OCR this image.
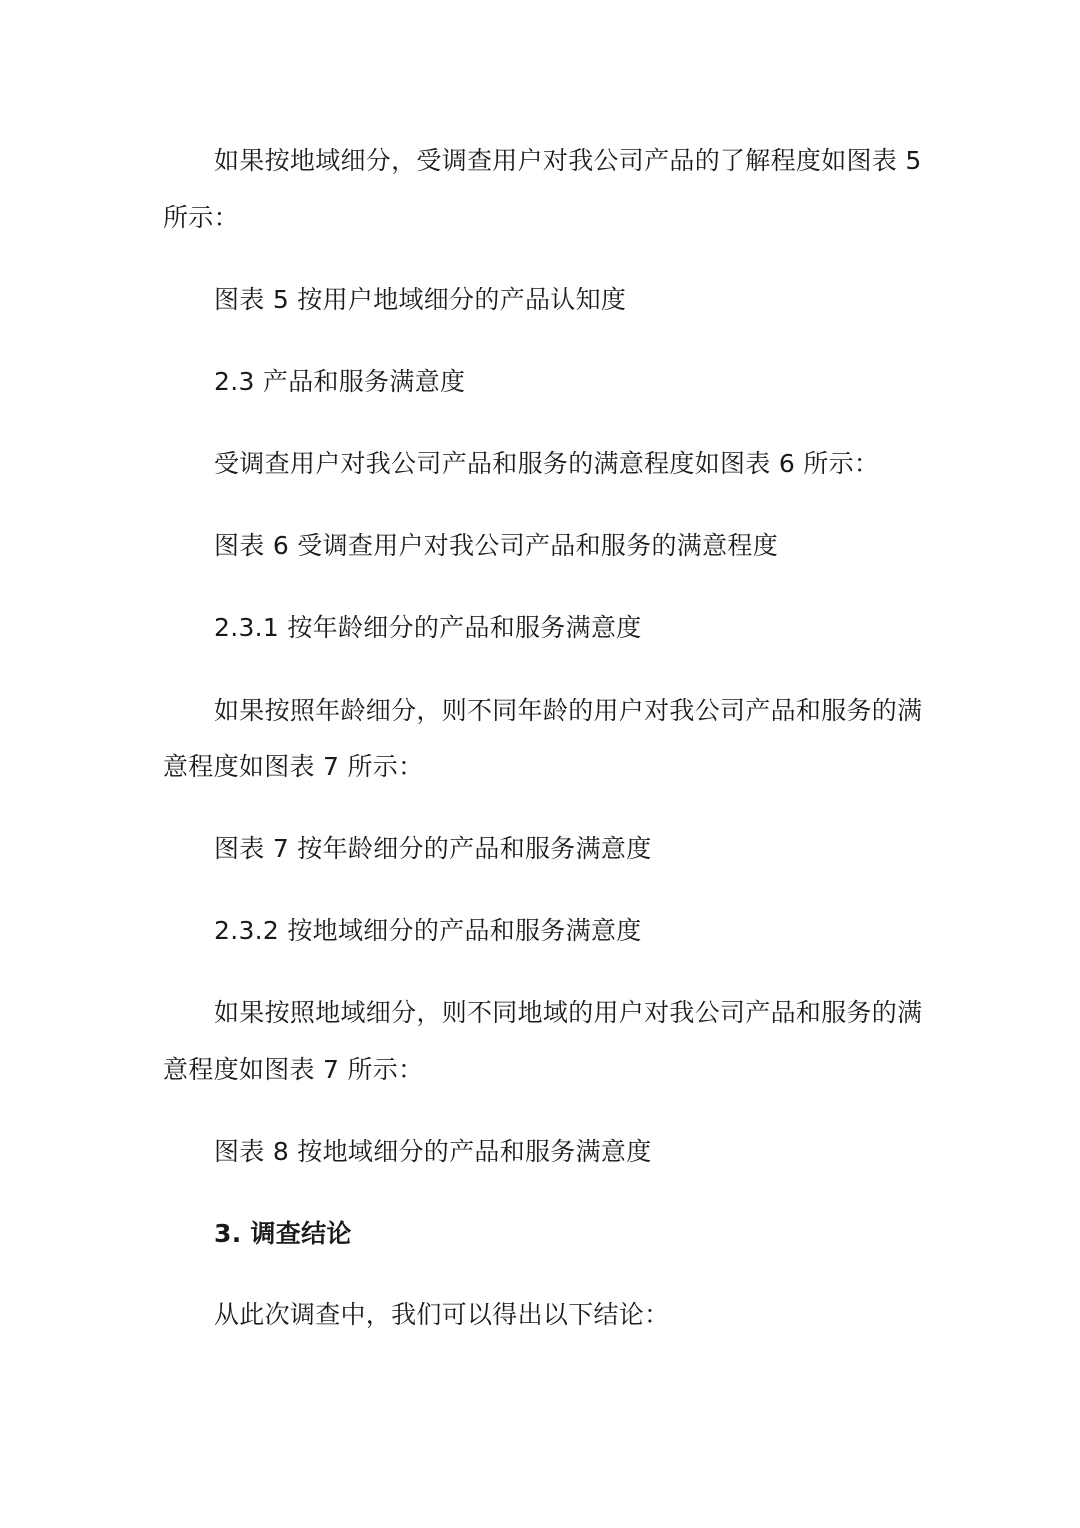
如果按地域细分，受调查用户对我公司产品的了解程度如图表 5
所示：
图表 5 按用户地域细分的产品认知度
2.3 产品和服务满意度
受调查用户对我公司产品和服务的满意程度如图表 6 所示：
图表 6 受调查用户对我公司产品和服务的满意程度
2.3.1 按年龄细分的产品和服务满意度
如果按照年龄细分，则不同年龄的用户对我公司产品和服务的满
意程度如图表 7 所示：
图表 7 按年龄细分的产品和服务满意度
2.3.2 按地域细分的产品和服务满意度
如果按照地域细分，则不同地域的用户对我公司产品和服务的满
意程度如图表 7 所示：
图表 8 按地域细分的产品和服务满意度
3. 调查结论
从此次调查中，我们可以得出以下结论：
